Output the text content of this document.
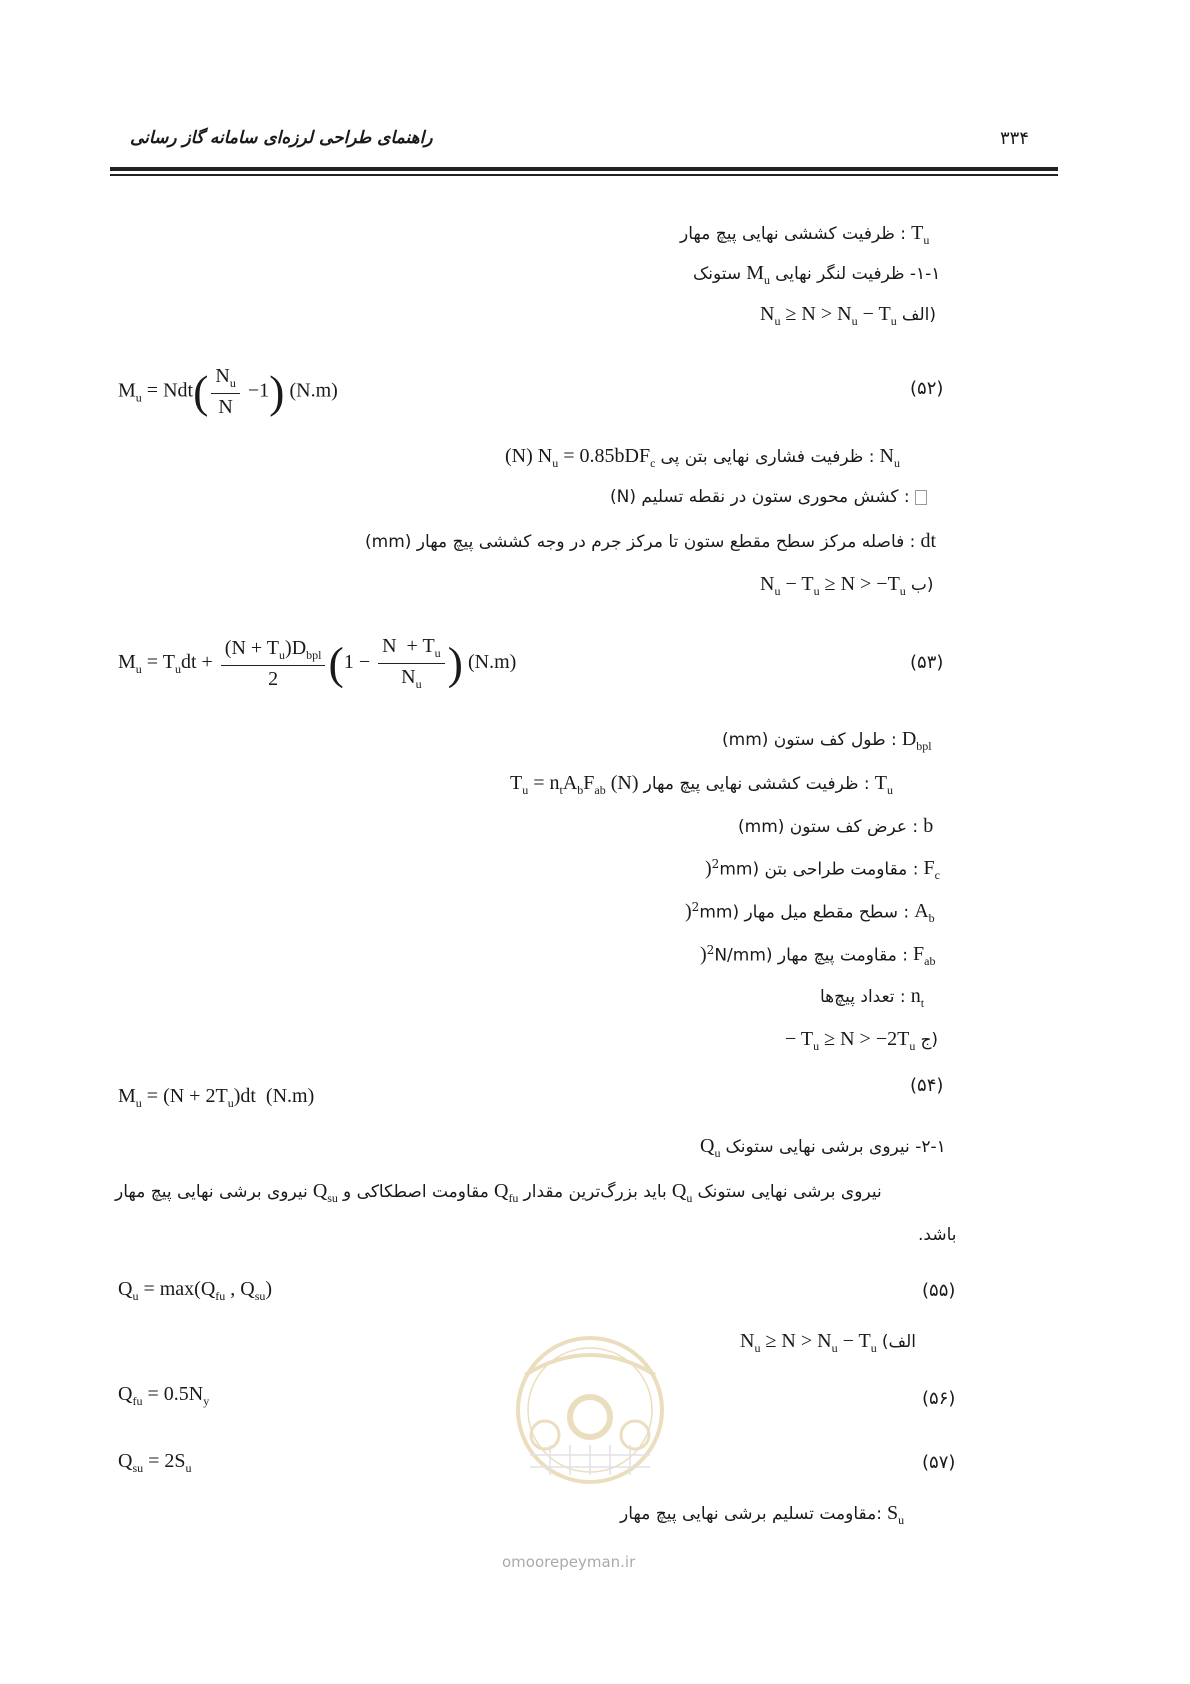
راهنمای طراحی لرزه‌ای سامانه گاز رسانی	۳۳۴
: ظرفیت کششی نهایی پیچ مهار $T_u$
ستونک $M_u$ ۱-۱- ظرفیت لنگر نهایی
$N_u \ge N > N_u - T_u$ (الف
$M_u = Ndt( \frac{N_u}{N} -1)$ (N.m)	(۵۲)
(N) $N_u = 0.85bDF_c$ : ظرفیت فشاری نهایی بتن پی $N_u$
: کشش محوری ستون در نقطه تسلیم (N)
: فاصله مرکز سطح مقطع ستون تا مرکز جرم در وجه کششی پیچ مهار (mm) dt
$N_u - T_u \ge N > -T_u$ (ب
$M_u = T_udt + \frac{(N + T_u)D_{bpl}}{2} (1 - \frac{N + T_u}{N_u}$ ) (N.m)	(۵۳)
: طول کف ستون (mm) $D_{bpl}$
$T_u = n_tA_bF_{ab}$ (N) : ظرفیت کششی نهایی پیچ مهار $T_u$
: عرض کف ستون (mm) b
)$^2$: مقاومت طراحی بتن (mm $F_c$
)$^2$: سطح مقطع میل مهار (mm $A_b$
)$^2$: مقاومت پیچ مهار (N/mm $F_{ab}$
: تعداد پیچ‌ها $n_t$
− $T_u \ge N > -2T_u$ (ج
$M_u = (N + 2T_u)dt$  (N.m)	(۵۴)
$Q_u$ ۲-۱- نیروی برشی نهایی ستونک
نیروی برشی نهایی پیچ مهار $Q_{su}$ مقاومت اصطکاکی و $Q_{fu}$ باید بزرگ‌ترین مقدار $Q_u$ نیروی برشی نهایی ستونک
باشد.
$Q_u = \max(Q_{fu}$ , $Q_{su}$)	(۵۵)
$N_u \ge N > N_u - T_u$ الف)
$Q_{fu} = 0.5N_y$	(۵۶)
$Q_{su} = 2S_u$	(۵۷)
:مقاومت تسلیم برشی نهایی پیچ مهار $S_u$
omoorepeyman.ir
